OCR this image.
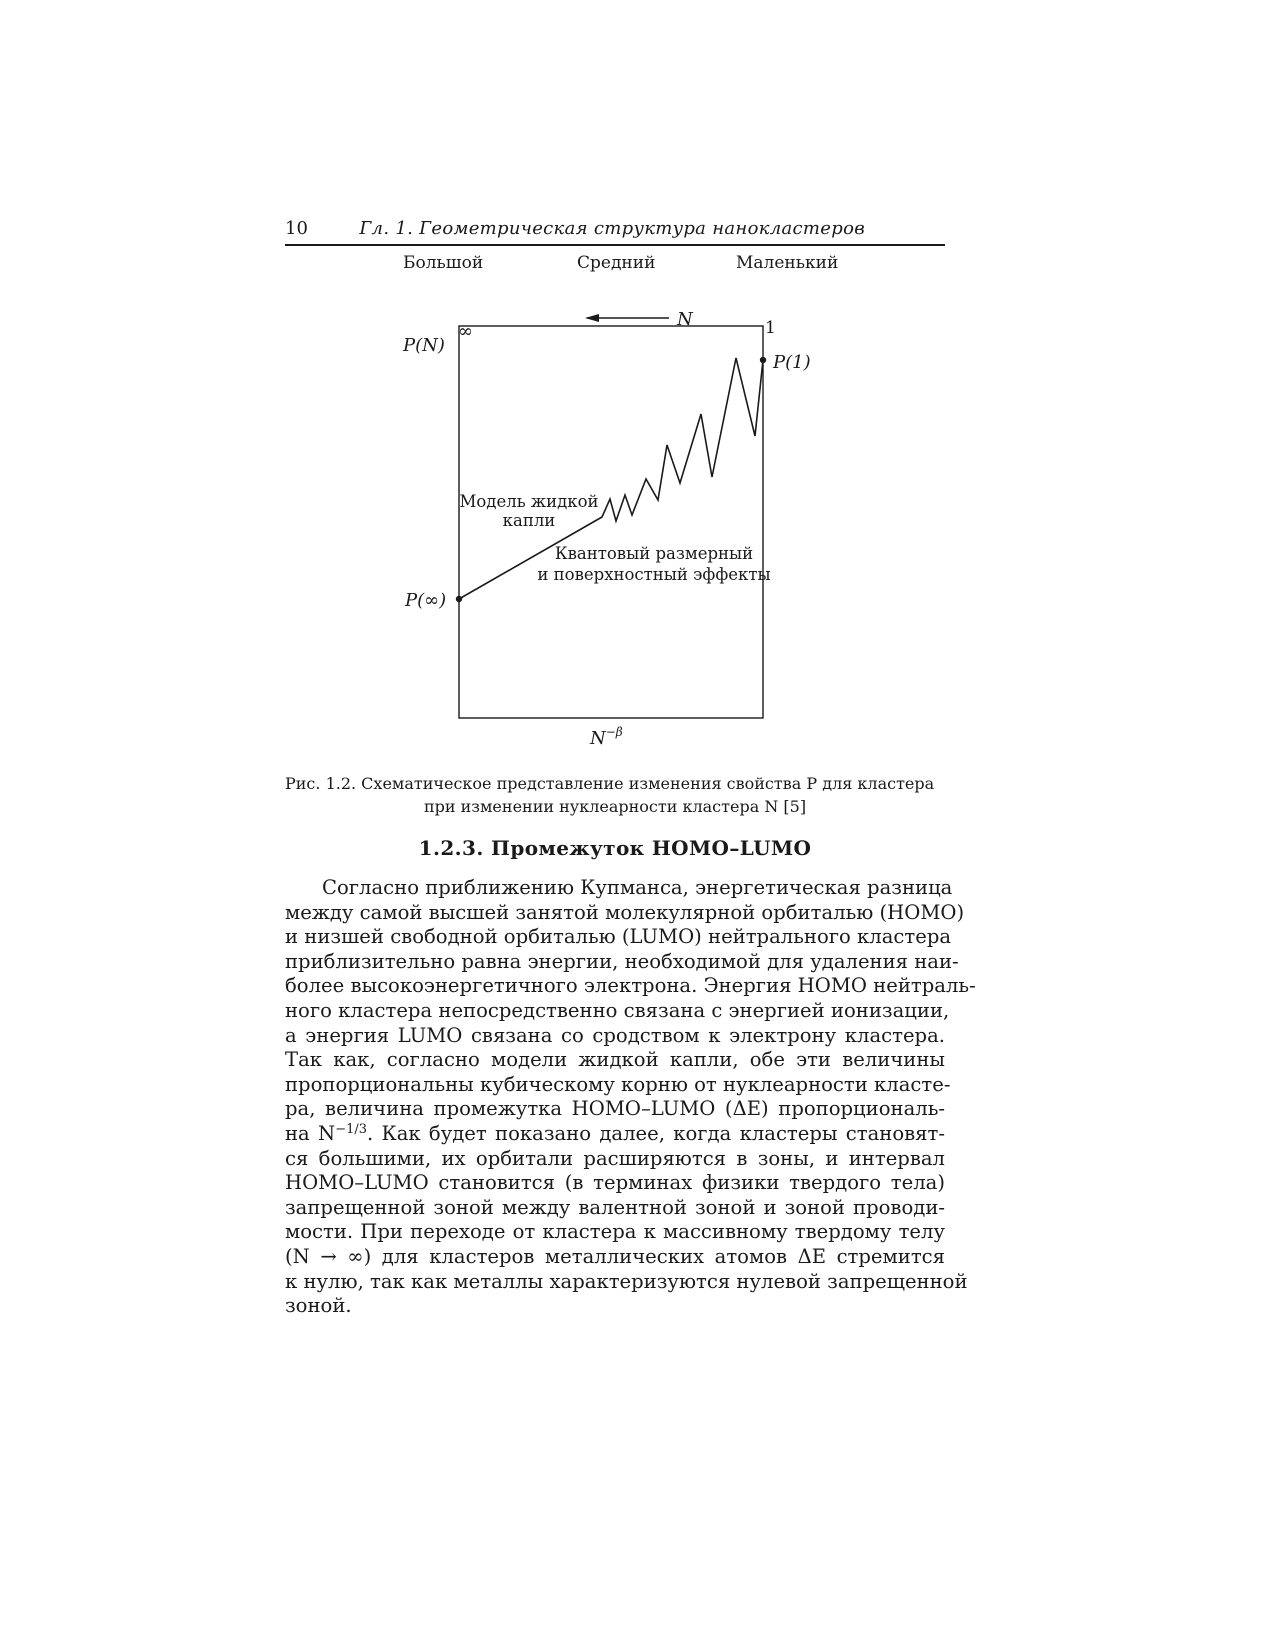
10	Гл. 1. Геометрическая структура нанокластеров
Большой	Средний	Маленький
N
∞	1
P(N)
P(1)
P(∞)
Модель жидкой
капли
Квантовый размерный
и поверхностный эффекты
$N^{-\beta}$
Рис. 1.2. Схематическое представление изменения свойства P для кластера
при изменении нуклеарности кластера N [5]
1.2.3. Промежуток HOMO–LUMO
Согласно приближению Купманса, энергетическая разница
между самой высшей занятой молекулярной орбиталью (HOMO)
и низшей свободной орбиталью (LUMO) нейтрального кластера
приблизительно равна энергии, необходимой для удаления наи-
более высокоэнергетичного электрона. Энергия HOMO нейтраль-
ного кластера непосредственно связана с энергией ионизации,
а энергия LUMO связана со сродством к электрону кластера.
Так как, согласно модели жидкой капли, обе эти величины
пропорциональны кубическому корню от нуклеарности класте-
ра, величина промежутка HOMO–LUMO (ΔE) пропорциональ-
на $N^{-1/3}$. Как будет показано далее, когда кластеры становят-
ся большими, их орбитали расширяются в зоны, и интервал
HOMO–LUMO становится (в терминах физики твердого тела)
запрещенной зоной между валентной зоной и зоной проводи-
мости. При переходе от кластера к массивному твердому телу
(N → ∞) для кластеров металлических атомов ΔE стремится
к нулю, так как металлы характеризуются нулевой запрещенной
зоной.
